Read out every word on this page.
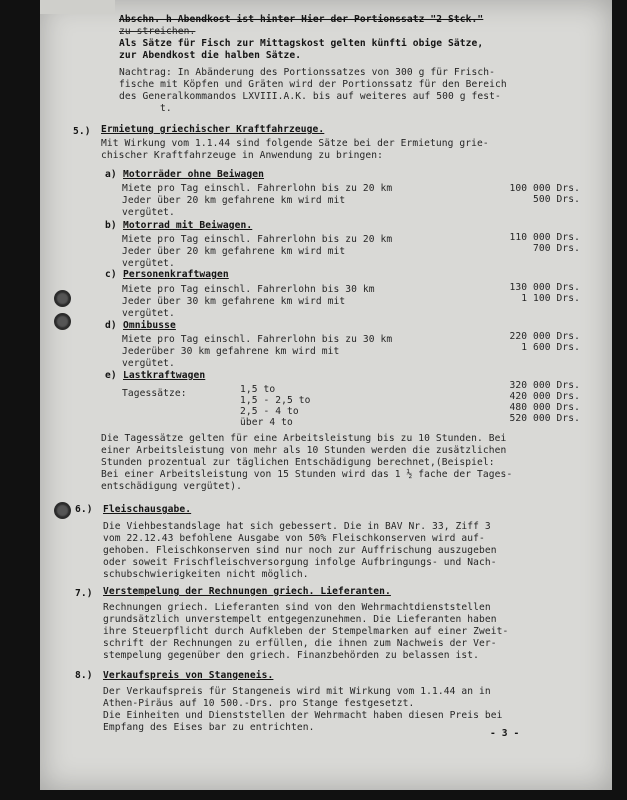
Abschn. h Abendkost ist hinter Hier der Portionssatz "2 Stck."
zu streichen.
Als Sätze für Fisch zur Mittagskost gelten künfti obige Sätze,
zur Abendkost die halben Sätze.
Nachtrag: In Abänderung des Portionssatzes von 300 g für Frisch-
fische mit Köpfen und Gräten wird der Portionssatz für den Bereich
des Generalkommandos LXVIII.A.K. bis auf weiteres auf 500 g fest-
t.
5.) Ermietung griechischer Kraftfahrzeuge.
Mit Wirkung vom 1.1.44 sind folgende Sätze bei der Ermietung grie-
chischer Kraftfahrzeuge in Anwendung zu bringen:
a) Motorräder ohne Beiwagen
Miete pro Tag einschl. Fahrerlohn bis zu 20 km
Jeder über 20 km gefahrene km wird mit
vergütet.
100 000 Drs.
500 Drs.
b) Motorrad mit Beiwagen.
Miete pro Tag einschl. Fahrerlohn bis zu 20 km
Jeder über 20 km gefahrene km wird mit
vergütet.
110 000 Drs.
700 Drs.
c) Personenkraftwagen
Miete pro Tag einschl. Fahrerlohn bis 30 km
Jeder über 30 km gefahrene km wird mit
vergütet.
130 000 Drs.
1 100 Drs.
d) Omnibusse
Miete pro Tag einschl. Fahrerlohn bis zu 30 km
Jederüber 30 km gefahrene km wird mit
vergütet.
220 000 Drs.
1 600 Drs.
e) Lastkraftwagen
Tagessätze:	1,5 to
1,5 - 2,5 to
2,5 - 4 to
über 4 to
320 000 Drs.
420 000 Drs.
480 000 Drs.
520 000 Drs.
Die Tagessätze gelten für eine Arbeitsleistung bis zu 10 Stunden. Bei
einer Arbeitsleistung von mehr als 10 Stunden werden die zusätzlichen
Stunden prozentual zur täglichen Entschädigung berechnet,(Beispiel:
Bei einer Arbeitsleistung von 15 Stunden wird das 1 ½ fache der Tages-
entschädigung vergütet).
6.) Fleischausgabe.
Die Viehbestandslage hat sich gebessert. Die in BAV Nr. 33, Ziff 3
vom 22.12.43 befohlene Ausgabe von 50% Fleischkonserven wird auf-
gehoben. Fleischkonserven sind nur noch zur Auffrischung auszugeben
oder soweit Frischfleischversorgung infolge Aufbringungs- und Nach-
schubschwierigkeiten nicht möglich.
7.) Verstempelung der Rechnungen griech. Lieferanten.
Rechnungen griech. Lieferanten sind von den Wehrmachtdienststellen
grundsätzlich unverstempelt entgegenzunehmen. Die Lieferanten haben
ihre Steuerpflicht durch Aufkleben der Stempelmarken auf einer Zweit-
schrift der Rechnungen zu erfüllen, die ihnen zum Nachweis der Ver-
stempelung gegenüber den griech. Finanzbehörden zu belassen ist.
8.) Verkaufspreis von Stangeneis.
Der Verkaufspreis für Stangeneis wird mit Wirkung vom 1.1.44 an in
Athen-Piräus auf 10 500.-Drs. pro Stange festgesetzt.
Die Einheiten und Dienststellen der Wehrmacht haben diesen Preis bei
Empfang des Eises bar zu entrichten.
- 3 -
